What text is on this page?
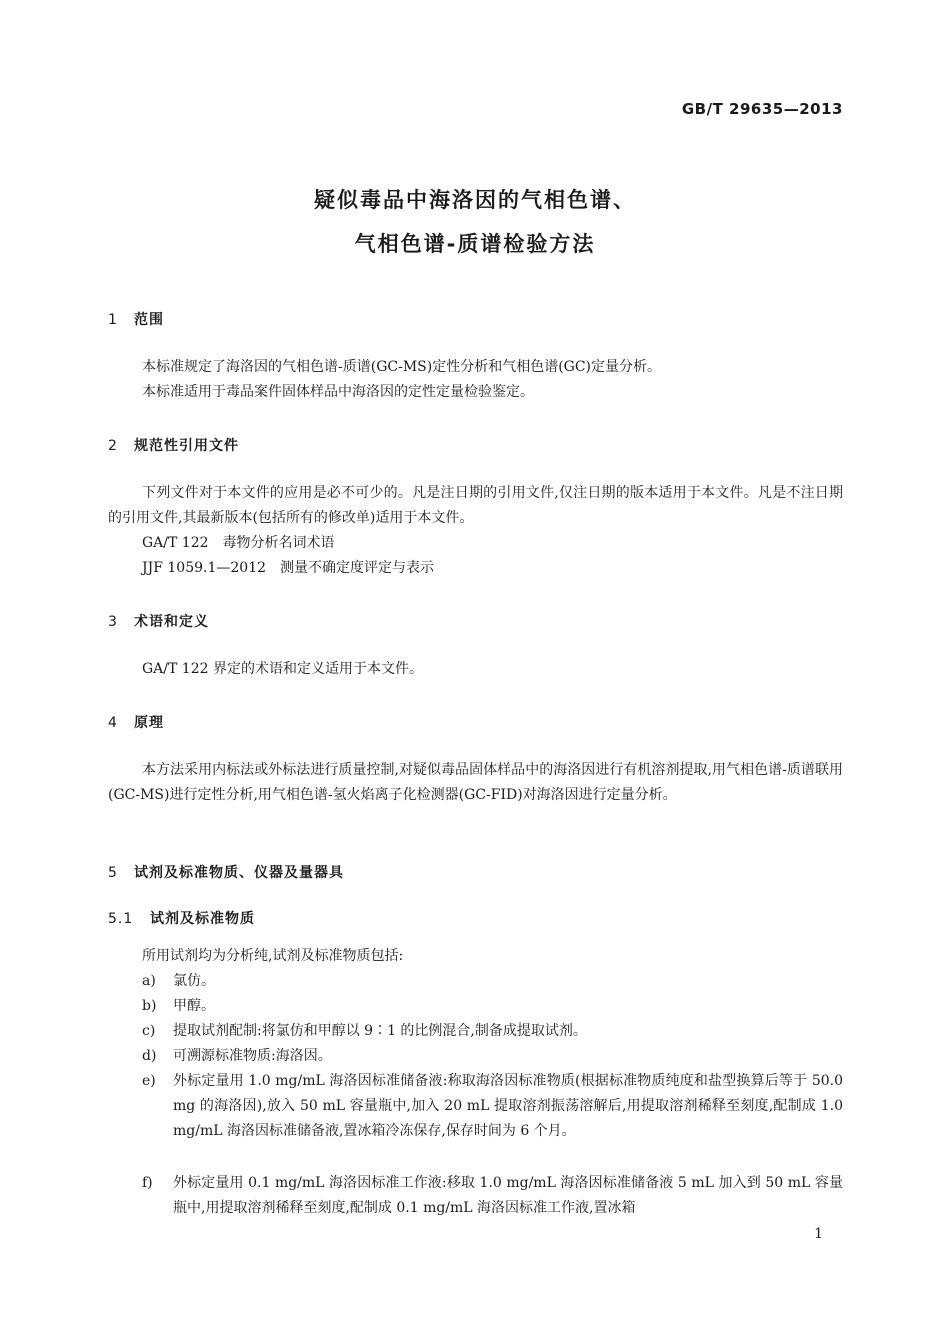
GB/T 29635—2013
疑似毒品中海洛因的气相色谱、
气相色谱-质谱检验方法
1 范围
本标准规定了海洛因的气相色谱-质谱(GC-MS)定性分析和气相色谱(GC)定量分析。
本标准适用于毒品案件固体样品中海洛因的定性定量检验鉴定。
2 规范性引用文件
下列文件对于本文件的应用是必不可少的。凡是注日期的引用文件,仅注日期的版本适用于本文件。凡是不注日期的引用文件,其最新版本(包括所有的修改单)适用于本文件。
GA/T 122　毒物分析名词术语
JJF 1059.1—2012　测量不确定度评定与表示
3 术语和定义
GA/T 122 界定的术语和定义适用于本文件。
4 原理
本方法采用内标法或外标法进行质量控制,对疑似毒品固体样品中的海洛因进行有机溶剂提取,用气相色谱-质谱联用(GC-MS)进行定性分析,用气相色谱-氢火焰离子化检测器(GC-FID)对海洛因进行定量分析。
5 试剂及标准物质、仪器及量器具
5.1 试剂及标准物质
所用试剂均为分析纯,试剂及标准物质包括:
a) 氯仿。
b) 甲醇。
c) 提取试剂配制:将氯仿和甲醇以 9∶1 的比例混合,制备成提取试剂。
d) 可溯源标准物质:海洛因。
e) 外标定量用 1.0 mg/mL 海洛因标准储备液:称取海洛因标准物质(根据标准物质纯度和盐型换算后等于 50.0 mg 的海洛因),放入 50 mL 容量瓶中,加入 20 mL 提取溶剂振荡溶解后,用提取溶剂稀释至刻度,配制成 1.0 mg/mL 海洛因标准储备液,置冰箱冷冻保存,保存时间为 6 个月。
f) 外标定量用 0.1 mg/mL 海洛因标准工作液:移取 1.0 mg/mL 海洛因标准储备液 5 mL 加入到 50 mL 容量瓶中,用提取溶剂稀释至刻度,配制成 0.1 mg/mL 海洛因标准工作液,置冰箱
1
